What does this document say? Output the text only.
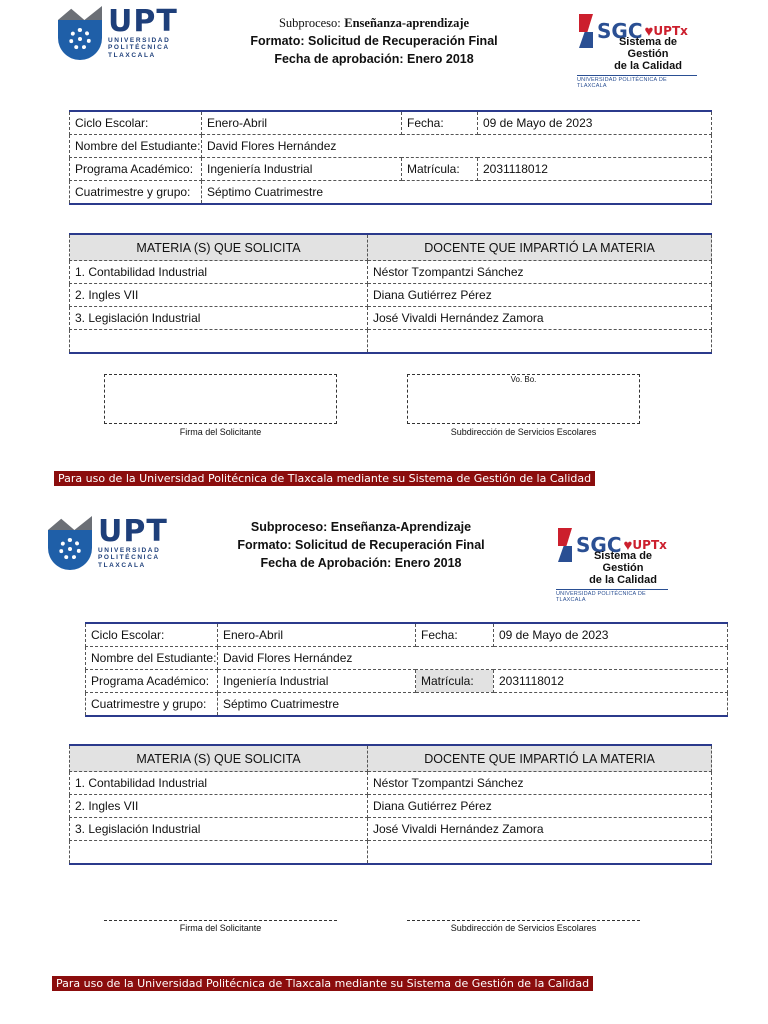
UPT
UNIVERSIDAD
POLITÉCNICA
TLAXCALA
Subproceso: Enseñanza-aprendizaje
Formato: Solicitud de Recuperación Final
Fecha de aprobación: Enero 2018
SGC ♥ UPTx
Sistema de Gestión
de la Calidad
UNIVERSIDAD POLITÉCNICA DE TLAXCALA
Ciclo Escolar:	Enero-Abril	Fecha:	09 de Mayo de 2023
Nombre del Estudiante:	David Flores Hernández		
Programa Académico:	Ingeniería Industrial	Matrícula:	2031118012
Cuatrimestre y grupo:	Séptimo Cuatrimestre		
MATERIA (S) QUE SOLICITA	DOCENTE QUE IMPARTIÓ LA MATERIA
1. Contabilidad Industrial	Néstor Tzompantzi Sánchez
2. Ingles VII	Diana Gutiérrez Pérez
3. Legislación Industrial	José Vivaldi Hernández Zamora

Vo. Bo.
Firma del Solicitante	Subdirección de Servicios Escolares
Para uso de la Universidad Politécnica de Tlaxcala mediante su Sistema de Gestión de la Calidad
UPT
UNIVERSIDAD
POLITÉCNICA
TLAXCALA
Subproceso: Enseñanza-Aprendizaje
Formato: Solicitud de Recuperación Final
Fecha de Aprobación: Enero 2018
SGC ♥ UPTx
Sistema de Gestión
de la Calidad
UNIVERSIDAD POLITÉCNICA DE TLAXCALA
Ciclo Escolar:	Enero-Abril	Fecha:	09 de Mayo de 2023
Nombre del Estudiante:	David Flores Hernández		
Programa Académico:	Ingeniería Industrial	Matrícula:	2031118012
Cuatrimestre y grupo:	Séptimo Cuatrimestre		
MATERIA (S) QUE SOLICITA	DOCENTE QUE IMPARTIÓ LA MATERIA
1. Contabilidad Industrial	Néstor Tzompantzi Sánchez
2. Ingles VII	Diana Gutiérrez Pérez
3. Legislación Industrial	José Vivaldi Hernández Zamora

Firma del Solicitante	Subdirección de Servicios Escolares
Para uso de la Universidad Politécnica de Tlaxcala mediante su Sistema de Gestión de la Calidad
